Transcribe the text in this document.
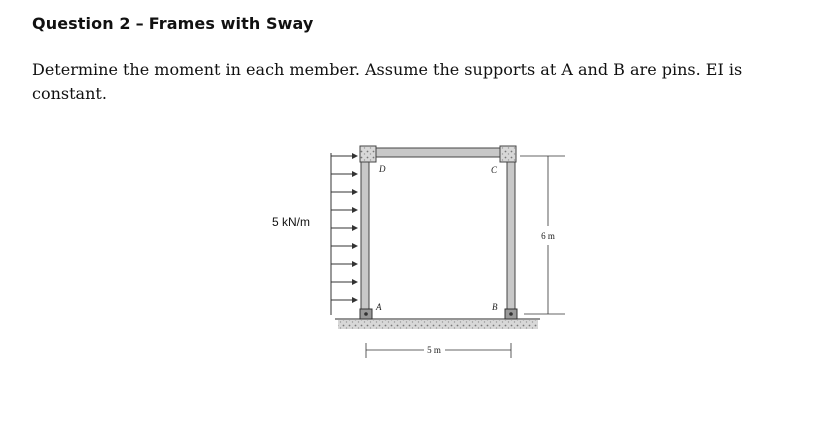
Question 2 – Frames with Sway
Determine the moment in each member. Assume the supports at A and B are pins. EI is constant.
6 m
5 m
5 kN/m
D	C
A	B
